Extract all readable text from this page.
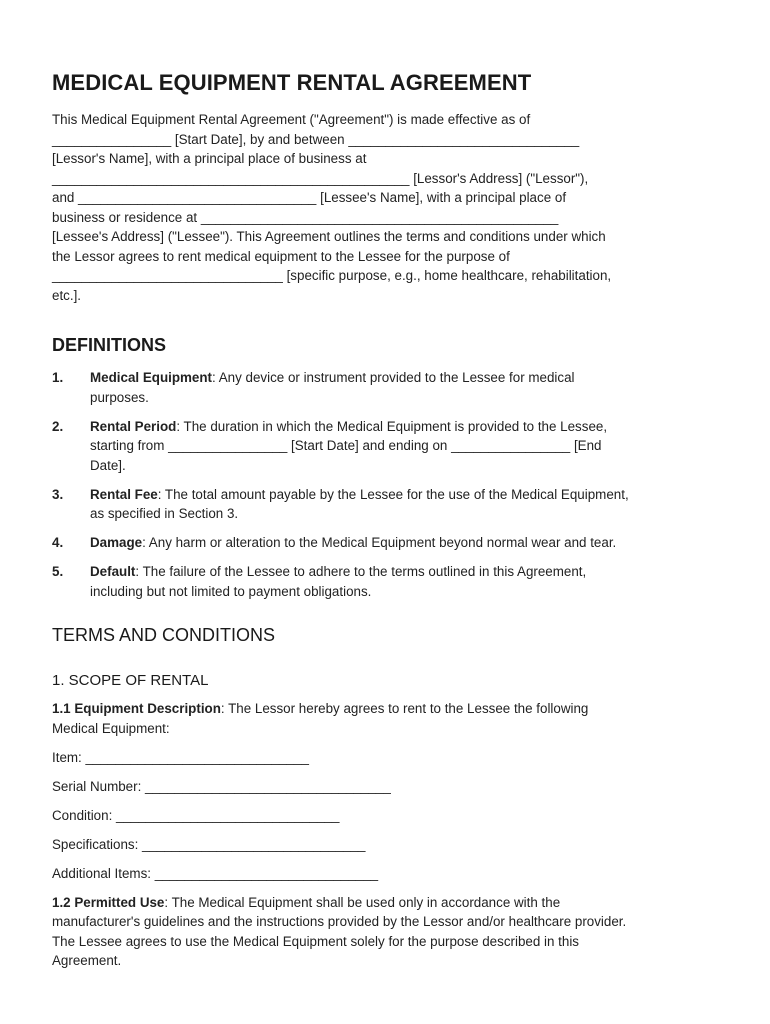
MEDICAL EQUIPMENT RENTAL AGREEMENT
This Medical Equipment Rental Agreement ("Agreement") is made effective as of
________________ [Start Date], by and between _______________________________
[Lessor's Name], with a principal place of business at
________________________________________________ [Lessor's Address] ("Lessor"),
and ________________________________ [Lessee's Name], with a principal place of
business or residence at ________________________________________________
[Lessee's Address] ("Lessee"). This Agreement outlines the terms and conditions under which
the Lessor agrees to rent medical equipment to the Lessee for the purpose of
_______________________________ [specific purpose, e.g., home healthcare, rehabilitation,
etc.].
DEFINITIONS
1.	Medical Equipment: Any device or instrument provided to the Lessee for medical
purposes.
2.	Rental Period: The duration in which the Medical Equipment is provided to the Lessee,
starting from ________________ [Start Date] and ending on ________________ [End
Date].
3.	Rental Fee: The total amount payable by the Lessee for the use of the Medical Equipment,
as specified in Section 3.
4.	Damage: Any harm or alteration to the Medical Equipment beyond normal wear and tear.
5.	Default: The failure of the Lessee to adhere to the terms outlined in this Agreement,
including but not limited to payment obligations.
TERMS AND CONDITIONS
1. SCOPE OF RENTAL
1.1 Equipment Description: The Lessor hereby agrees to rent to the Lessee the following
Medical Equipment:
Item: ______________________________
Serial Number: _________________________________
Condition: ______________________________
Specifications: ______________________________
Additional Items: ______________________________
1.2 Permitted Use: The Medical Equipment shall be used only in accordance with the
manufacturer's guidelines and the instructions provided by the Lessor and/or healthcare provider.
The Lessee agrees to use the Medical Equipment solely for the purpose described in this
Agreement.
